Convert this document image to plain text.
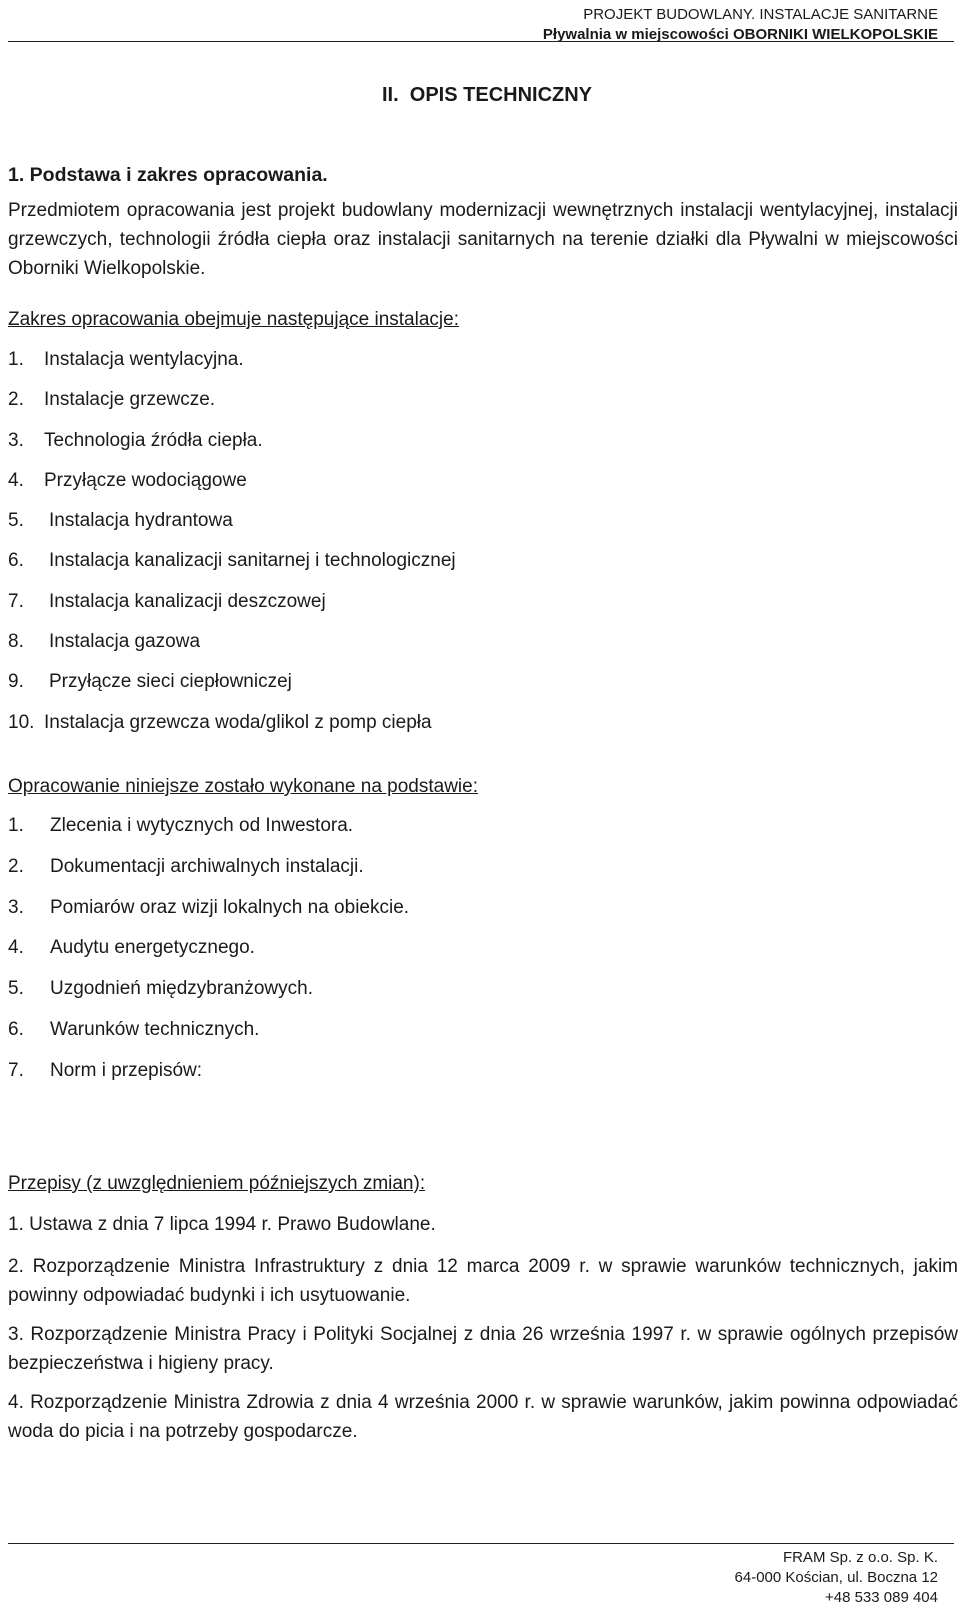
PROJEKT BUDOWLANY. INSTALACJE SANITARNE
Pływalnia w miejscowości OBORNIKI WIELKOPOLSKIE
II.  OPIS TECHNICZNY
1. Podstawa i zakres opracowania.
Przedmiotem opracowania jest projekt budowlany modernizacji wewnętrznych instalacji wentylacyjnej, instalacji grzewczych, technologii źródła ciepła oraz instalacji sanitarnych na terenie działki dla Pływalni w miejscowości Oborniki Wielkopolskie.
Zakres opracowania obejmuje następujące instalacje:
1. Instalacja wentylacyjna.
2. Instalacje grzewcze.
3. Technologia źródła ciepła.
4. Przyłącze wodociągowe
5. Instalacja hydrantowa
6. Instalacja kanalizacji sanitarnej i technologicznej
7. Instalacja kanalizacji deszczowej
8. Instalacja gazowa
9. Przyłącze sieci ciepłowniczej
10. Instalacja grzewcza woda/glikol z pomp ciepła
Opracowanie niniejsze zostało wykonane na podstawie:
1. Zlecenia i wytycznych od Inwestora.
2. Dokumentacji archiwalnych instalacji.
3. Pomiarów oraz wizji lokalnych na obiekcie.
4. Audytu energetycznego.
5. Uzgodnień międzybranżowych.
6. Warunków technicznych.
7. Norm i przepisów:
Przepisy (z uwzględnieniem późniejszych zmian):
1. Ustawa z dnia 7 lipca 1994 r. Prawo Budowlane.
2. Rozporządzenie Ministra Infrastruktury z dnia 12 marca 2009 r. w sprawie warunków technicznych, jakim powinny odpowiadać budynki i ich usytuowanie.
3. Rozporządzenie Ministra Pracy i Polityki Socjalnej z dnia 26 września 1997 r. w sprawie ogólnych przepisów bezpieczeństwa i higieny pracy.
4. Rozporządzenie Ministra Zdrowia z dnia 4 września 2000 r. w sprawie warunków, jakim powinna odpowiadać woda do picia i na potrzeby gospodarcze.
FRAM Sp. z o.o. Sp. K.
64-000 Kościan, ul. Boczna 12
+48 533 089 404
